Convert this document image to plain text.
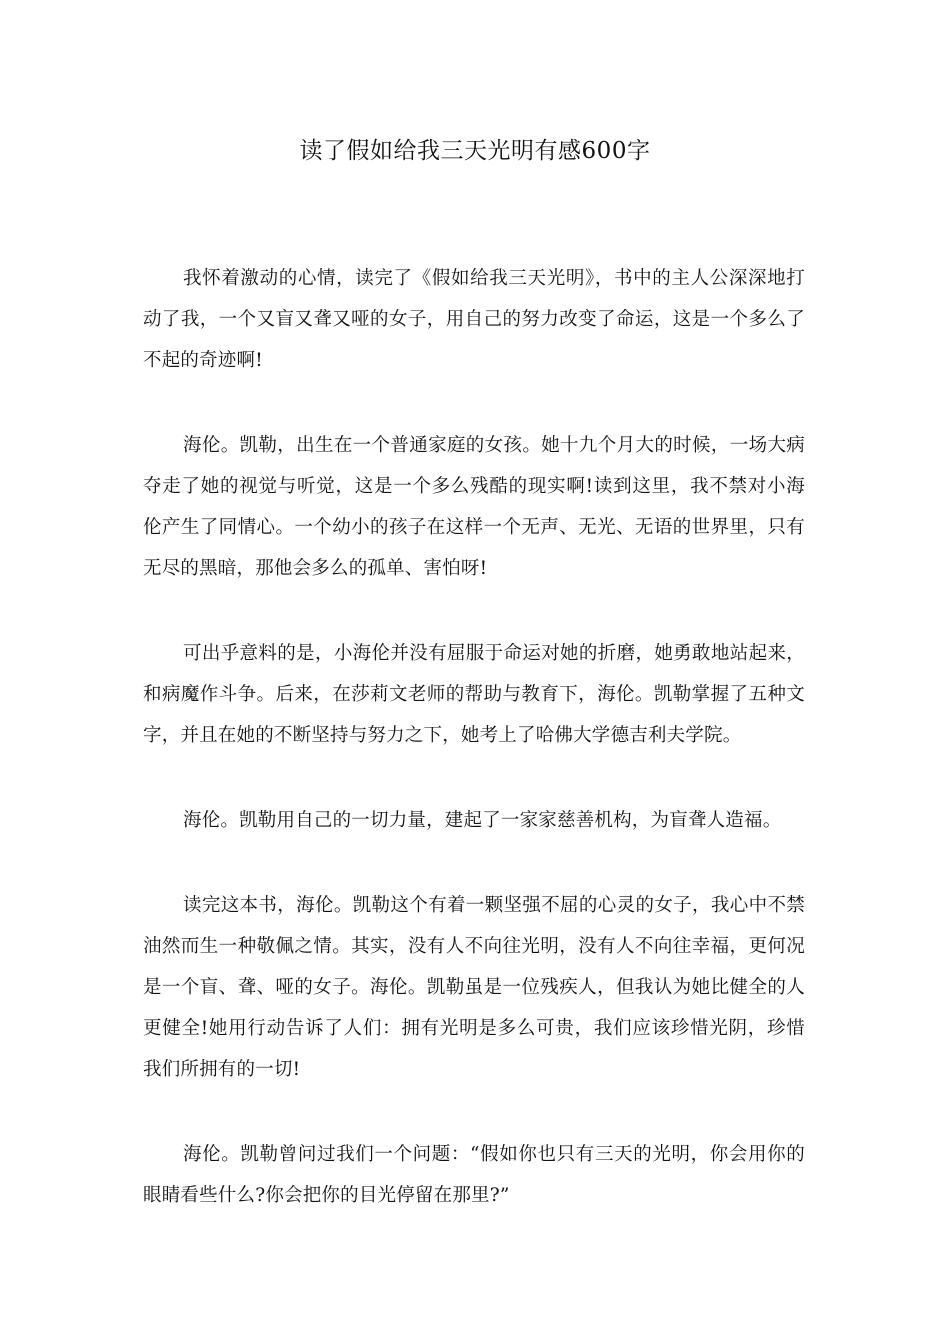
读了假如给我三天光明有感600字

我怀着激动的心情，读完了《假如给我三天光明》，书中的主人公深深地打动了我，一个又盲又聋又哑的女子，用自己的努力改变了命运，这是一个多么了不起的奇迹啊!

海伦。凯勒，出生在一个普通家庭的女孩。她十九个月大的时候，一场大病夺走了她的视觉与听觉，这是一个多么残酷的现实啊!读到这里，我不禁对小海伦产生了同情心。一个幼小的孩子在这样一个无声、无光、无语的世界里，只有无尽的黑暗，那他会多么的孤单、害怕呀!

可出乎意料的是，小海伦并没有屈服于命运对她的折磨，她勇敢地站起来，和病魔作斗争。后来，在莎莉文老师的帮助与教育下，海伦。凯勒掌握了五种文字，并且在她的不断坚持与努力之下，她考上了哈佛大学德吉利夫学院。

海伦。凯勒用自己的一切力量，建起了一家家慈善机构，为盲聋人造福。

读完这本书，海伦。凯勒这个有着一颗坚强不屈的心灵的女子，我心中不禁油然而生一种敬佩之情。其实，没有人不向往光明，没有人不向往幸福，更何况是一个盲、聋、哑的女子。海伦。凯勒虽是一位残疾人，但我认为她比健全的人更健全!她用行动告诉了人们：拥有光明是多么可贵，我们应该珍惜光阴，珍惜我们所拥有的一切!

海伦。凯勒曾问过我们一个问题：“假如你也只有三天的光明，你会用你的眼睛看些什么?你会把你的目光停留在那里?”
